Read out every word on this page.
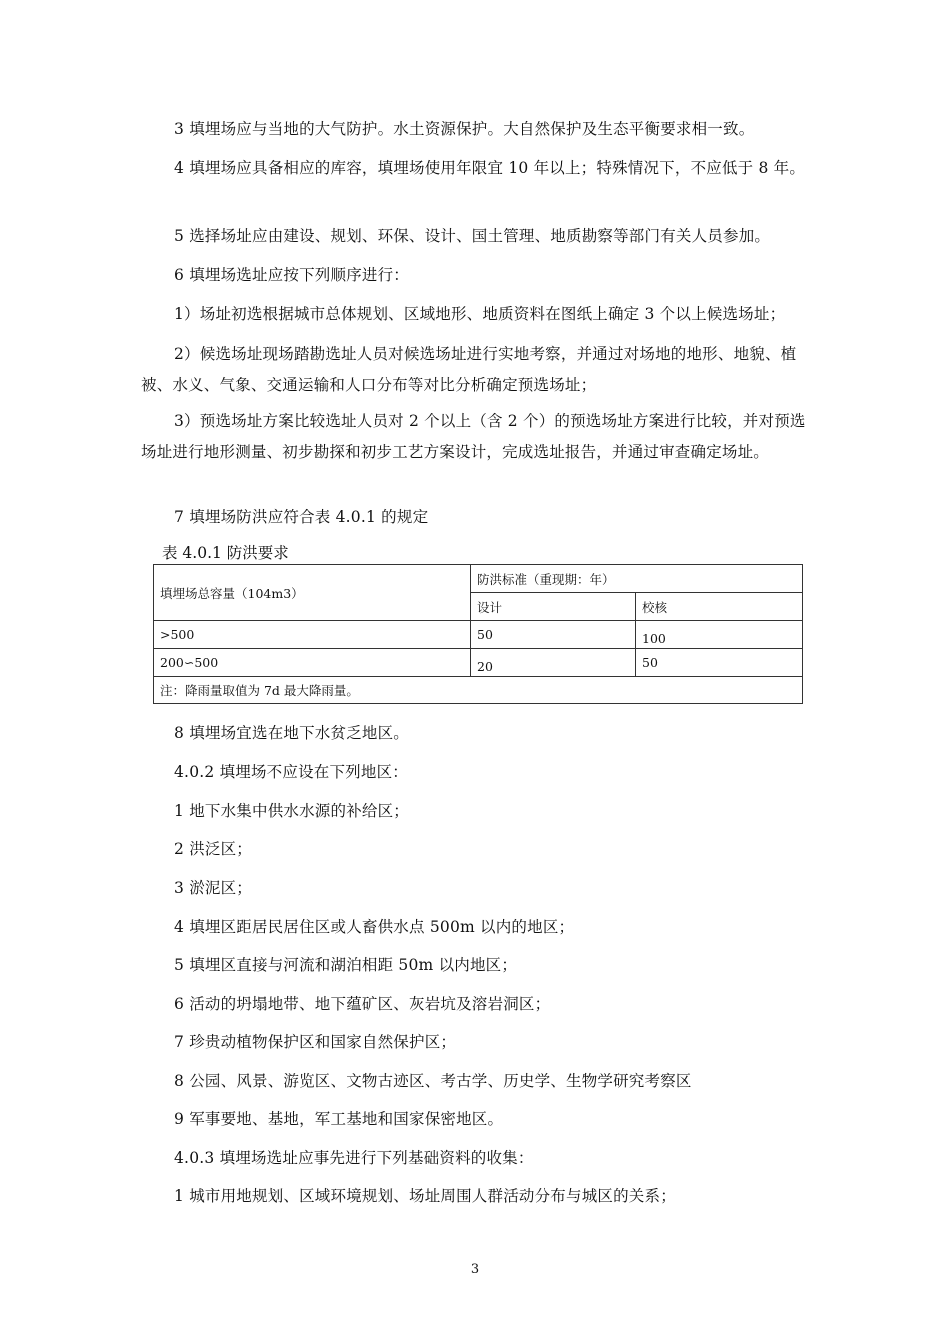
3 填埋场应与当地的大气防护。水土资源保护。大自然保护及生态平衡要求相一致。
4 填埋场应具备相应的库容，填埋场使用年限宜 10 年以上；特殊情况下，不应低于 8 年。
5 选择场址应由建设、规划、环保、设计、国土管理、地质勘察等部门有关人员参加。
6 填埋场选址应按下列顺序进行：
1）场址初选根据城市总体规划、区域地形、地质资料在图纸上确定 3 个以上候选场址；
2）候选场址现场踏勘选址人员对候选场址进行实地考察，并通过对场地的地形、地貌、植被、水义、气象、交通运输和人口分布等对比分析确定预选场址；
3）预选场址方案比较选址人员对 2 个以上（含 2 个）的预选场址方案进行比较，并对预选场址进行地形测量、初步勘探和初步工艺方案设计，完成选址报告，并通过审查确定场址。
7 填埋场防洪应符合表 4.0.1 的规定
表 4.0.1 防洪要求
填埋场总容量（104m3）	防洪标准（重现期：年）	
	设计	校核
>500	50	100
200∽500	20	50
注：降雨量取值为 7d 最大降雨量。		
8 填埋场宜选在地下水贫乏地区。
4.0.2 填埋场不应设在下列地区：
1 地下水集中供水水源的补给区；
2 洪泛区；
3 淤泥区；
4 填埋区距居民居住区或人畜供水点 500m 以内的地区；
5 填埋区直接与河流和湖泊相距 50m 以内地区；
6 活动的坍塌地带、地下蕴矿区、灰岩坑及溶岩洞区；
7 珍贵动植物保护区和国家自然保护区；
8 公园、风景、游览区、文物古迹区、考古学、历史学、生物学研究考察区
9 军事要地、基地，军工基地和国家保密地区。
4.0.3 填埋场选址应事先进行下列基础资料的收集：
1 城市用地规划、区域环境规划、场址周围人群活动分布与城区的关系；
3
